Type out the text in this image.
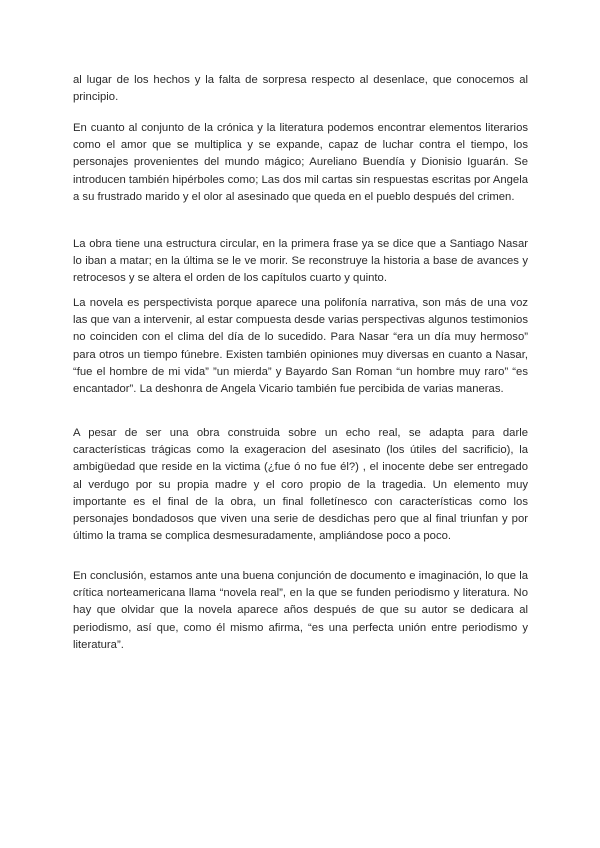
al lugar de los hechos y la falta de sorpresa respecto al desenlace, que conocemos al principio.

En cuanto al conjunto de la crónica y la literatura podemos encontrar elementos literarios como el amor que se multiplica y se expande, capaz de luchar contra el tiempo, los personajes provenientes del mundo mágico; Aureliano Buendía y Dionisio Iguarán. Se introducen también hipérboles como; Las dos mil cartas sin respuestas escritas por Angela a su frustrado marido y el olor al asesinado que queda en el pueblo después del crimen.

La obra tiene una estructura circular, en la primera frase ya se dice que a Santiago Nasar lo iban a matar; en la última se le ve morir. Se reconstruye la historia a base de avances y retrocesos y se altera el orden de los capítulos cuarto y quinto.

La novela es perspectivista porque aparece una polifonía narrativa, son más de una voz las que van a intervenir, al estar compuesta desde varias perspectivas algunos testimonios no coinciden con el clima del día de lo sucedido. Para Nasar “era un día muy hermoso” para otros un tiempo fúnebre. Existen también opiniones muy diversas en cuanto a Nasar, “fue el hombre de mi vida” ”un mierda” y Bayardo San Roman “un hombre muy raro” “es encantador”. La deshonra de Angela Vicario también fue percibida de varias maneras.

A pesar de ser una obra construida sobre un echo real, se adapta para darle características trágicas como la exageracion del asesinato (los útiles del sacrificio), la ambigüedad que reside en la victima (¿fue ó no fue él?) , el inocente debe ser entregado al verdugo por su propia madre y el coro propio de la tragedia. Un elemento muy importante es el final de la obra, un final folletínesco con características como los personajes bondadosos que viven una serie de desdichas pero que al final triunfan y por último la trama se complica desmesuradamente, ampliándose poco a poco.

En conclusión, estamos ante una buena conjunción de documento e imaginación, lo que la crítica norteamericana llama “novela real”, en la que se funden periodismo y literatura. No hay que olvidar que la novela aparece años después de que su autor se dedicara al periodismo, así que, como él mismo afirma, “es una perfecta unión entre periodismo y literatura”.
